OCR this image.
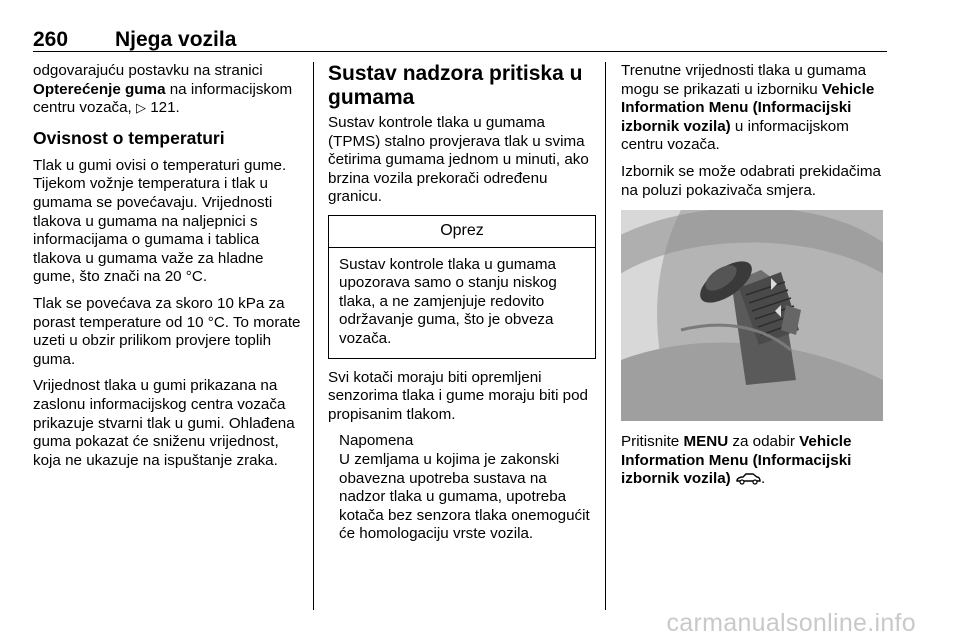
260 Njega vozila

odgovarajuću postavku na stranici Opterećenje guma na informacijskom centru vozača, ▷ 121.

Ovisnost o temperaturi

Tlak u gumi ovisi o temperaturi gume. Tijekom vožnje temperatura i tlak u gumama se povećavaju. Vrijednosti tlakova u gumama na naljepnici s informacijama o gumama i tablica tlakova u gumama važe za hladne gume, što znači na 20 °C.

Tlak se povećava za skoro 10 kPa za porast temperature od 10 °C. To morate uzeti u obzir prilikom provjere toplih guma.

Vrijednost tlaka u gumi prikazana na zaslonu informacijskog centra vozača prikazuje stvarni tlak u gumi. Ohlađena guma pokazat će sniženu vrijednost, koja ne ukazuje na ispuštanje zraka.

Sustav nadzora pritiska u gumama

Sustav kontrole tlaka u gumama (TPMS) stalno provjerava tlak u svima četirima gumama jednom u minuti, ako brzina vozila prekorači određenu granicu.

Oprez
Sustav kontrole tlaka u gumama upozorava samo o stanju niskog tlaka, a ne zamjenjuje redovito održavanje guma, što je obveza vozača.

Svi kotači moraju biti opremljeni senzorima tlaka i gume moraju biti pod propisanim tlakom.

Napomena
U zemljama u kojima je zakonski obavezna upotreba sustava na nadzor tlaka u gumama, upotreba kotača bez senzora tlaka onemogućit će homologaciju vrste vozila.

Trenutne vrijednosti tlaka u gumama mogu se prikazati u izborniku Vehicle Information Menu (Informacijski izbornik vozila) u informacijskom centru vozača.

Izbornik se može odabrati prekidačima na poluzi pokazivača smjera.

Pritisnite MENU za odabir Vehicle Information Menu (Informacijski izbornik vozila) .

carmanualsonline.info
